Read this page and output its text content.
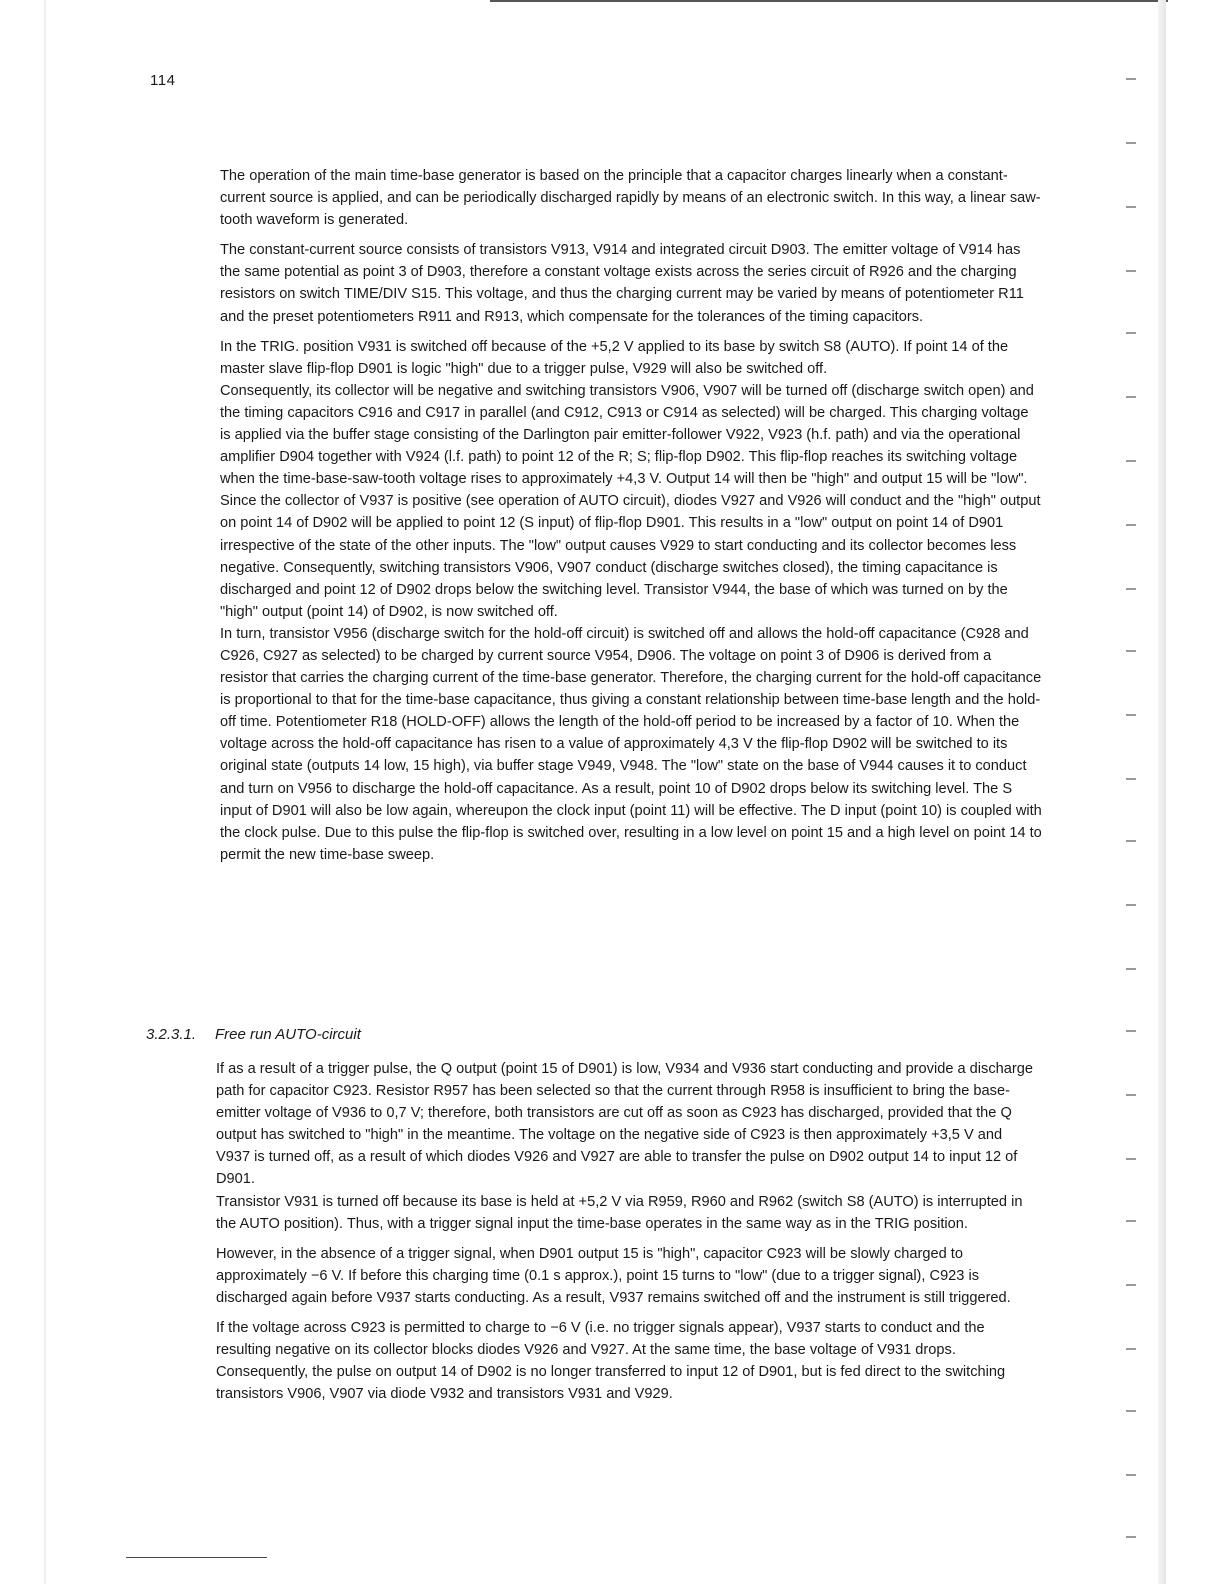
114

The operation of the main time-base generator is based on the principle that a capacitor charges linearly when a constant-current source is applied, and can be periodically discharged rapidly by means of an electronic switch. In this way, a linear saw-tooth waveform is generated.

The constant-current source consists of transistors V913, V914 and integrated circuit D903. The emitter voltage of V914 has the same potential as point 3 of D903, therefore a constant voltage exists across the series circuit of R926 and the charging resistors on switch TIME/DIV S15. This voltage, and thus the charging current may be varied by means of potentiometer R11 and the preset potentiometers R911 and R913, which compensate for the tolerances of the timing capacitors.

In the TRIG. position V931 is switched off because of the +5,2 V applied to its base by switch S8 (AUTO). If point 14 of the master slave flip-flop D901 is logic "high" due to a trigger pulse, V929 will also be switched off.

Consequently, its collector will be negative and switching transistors V906, V907 will be turned off (discharge switch open) and the timing capacitors C916 and C917 in parallel (and C912, C913 or C914 as selected) will be charged. This charging voltage is applied via the buffer stage consisting of the Darlington pair emitter-follower V922, V923 (h.f. path) and via the operational amplifier D904 together with V924 (l.f. path) to point 12 of the R; S; flip-flop D902. This flip-flop reaches its switching voltage when the time-base-saw-tooth voltage rises to approximately +4,3 V. Output 14 will then be "high" and output 15 will be "low". Since the collector of V937 is positive (see operation of AUTO circuit), diodes V927 and V926 will conduct and the "high" output on point 14 of D902 will be applied to point 12 (S input) of flip-flop D901. This results in a "low" output on point 14 of D901 irrespective of the state of the other inputs. The "low" output causes V929 to start conducting and its collector becomes less negative. Consequently, switching transistors V906, V907 conduct (discharge switches closed), the timing capacitance is discharged and point 12 of D902 drops below the switching level. Transistor V944, the base of which was turned on by the "high" output (point 14) of D902, is now switched off.

In turn, transistor V956 (discharge switch for the hold-off circuit) is switched off and allows the hold-off capacitance (C928 and C926, C927 as selected) to be charged by current source V954, D906. The voltage on point 3 of D906 is derived from a resistor that carries the charging current of the time-base generator. Therefore, the charging current for the hold-off capacitance is proportional to that for the time-base capacitance, thus giving a constant relationship between time-base length and the hold-off time. Potentiometer R18 (HOLD-OFF) allows the length of the hold-off period to be increased by a factor of 10. When the voltage across the hold-off capacitance has risen to a value of approximately 4,3 V the flip-flop D902 will be switched to its original state (outputs 14 low, 15 high), via buffer stage V949, V948. The "low" state on the base of V944 causes it to conduct and turn on V956 to discharge the hold-off capacitance. As a result, point 10 of D902 drops below its switching level. The S input of D901 will also be low again, whereupon the clock input (point 11) will be effective. The D input (point 10) is coupled with the clock pulse. Due to this pulse the flip-flop is switched over, resulting in a low level on point 15 and a high level on point 14 to permit the new time-base sweep.

3.2.3.1. Free run AUTO-circuit

If as a result of a trigger pulse, the Q output (point 15 of D901) is low, V934 and V936 start conducting and provide a discharge path for capacitor C923. Resistor R957 has been selected so that the current through R958 is insufficient to bring the base-emitter voltage of V936 to 0,7 V; therefore, both transistors are cut off as soon as C923 has discharged, provided that the Q output has switched to "high" in the meantime. The voltage on the negative side of C923 is then approximately +3,5 V and V937 is turned off, as a result of which diodes V926 and V927 are able to transfer the pulse on D902 output 14 to input 12 of D901.

Transistor V931 is turned off because its base is held at +5,2 V via R959, R960 and R962 (switch S8 (AUTO) is interrupted in the AUTO position). Thus, with a trigger signal input the time-base operates in the same way as in the TRIG position.

However, in the absence of a trigger signal, when D901 output 15 is "high", capacitor C923 will be slowly charged to approximately −6 V. If before this charging time (0.1 s approx.), point 15 turns to "low" (due to a trigger signal), C923 is discharged again before V937 starts conducting. As a result, V937 remains switched off and the instrument is still triggered.

If the voltage across C923 is permitted to charge to −6 V (i.e. no trigger signals appear), V937 starts to conduct and the resulting negative on its collector blocks diodes V926 and V927. At the same time, the base voltage of V931 drops. Consequently, the pulse on output 14 of D902 is no longer transferred to input 12 of D901, but is fed direct to the switching transistors V906, V907 via diode V932 and transistors V931 and V929.
